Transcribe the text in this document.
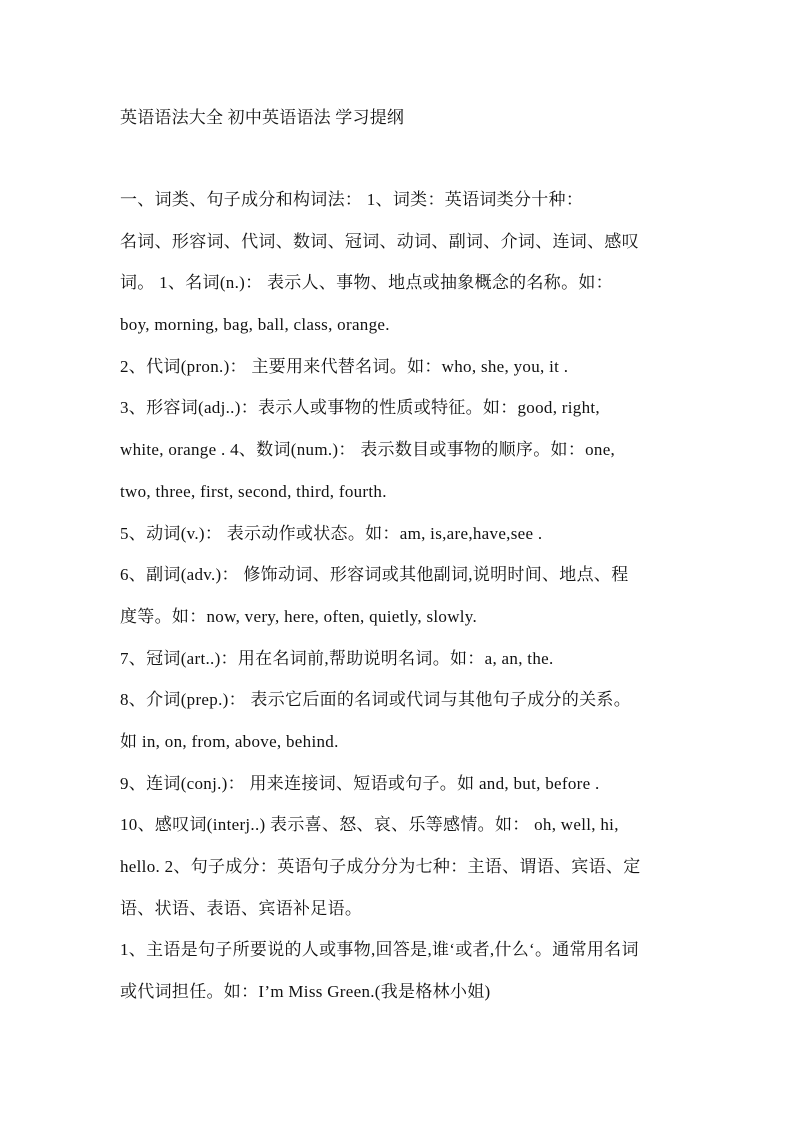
英语语法大全 初中英语语法 学习提纲
一、词类、句子成分和构词法： 1、词类：英语词类分十种：
名词、形容词、代词、数词、冠词、动词、副词、介词、连词、感叹
词。 1、名词(n.)： 表示人、事物、地点或抽象概念的名称。如：
boy, morning, bag, ball, class, orange.
2、代词(pron.)： 主要用来代替名词。如：who, she, you, it .
3、形容词(adj..)：表示人或事物的性质或特征。如：good, right,
white, orange . 4、数词(num.)： 表示数目或事物的顺序。如：one,
two, three, first, second, third, fourth.
5、动词(v.)： 表示动作或状态。如：am, is,are,have,see .
6、副词(adv.)： 修饰动词、形容词或其他副词,说明时间、地点、程
度等。如：now, very, here, often, quietly, slowly.
7、冠词(art..)：用在名词前,帮助说明名词。如：a, an, the.
8、介词(prep.)： 表示它后面的名词或代词与其他句子成分的关系。
如 in, on, from, above, behind.
9、连词(conj.)： 用来连接词、短语或句子。如 and, but, before .
10、感叹词(interj..) 表示喜、怒、哀、乐等感情。如： oh, well, hi,
hello. 2、句子成分：英语句子成分分为七种：主语、谓语、宾语、定
语、状语、表语、宾语补足语。
1、主语是句子所要说的人或事物,回答是,谁‘或者,什么‘。通常用名词
或代词担任。如：I’m Miss Green.(我是格林小姐)
